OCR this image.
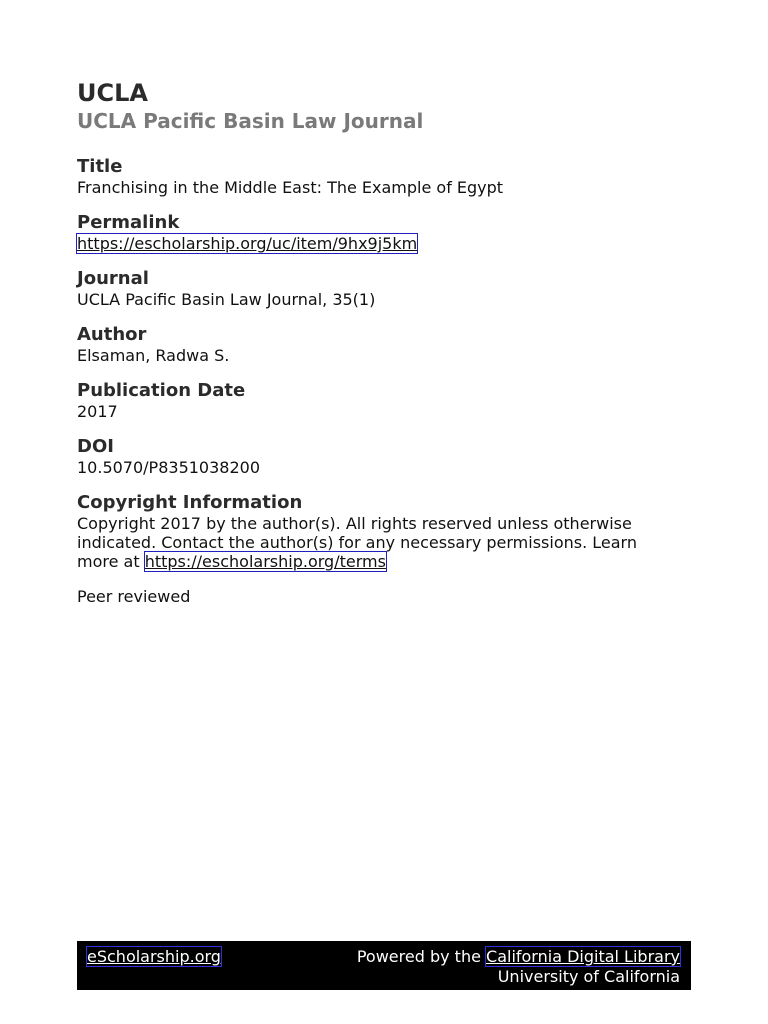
UCLA
UCLA Pacific Basin Law Journal
Title
Franchising in the Middle East: The Example of Egypt
Permalink
https://escholarship.org/uc/item/9hx9j5km
Journal
UCLA Pacific Basin Law Journal, 35(1)
Author
Elsaman, Radwa S.
Publication Date
2017
DOI
10.5070/P8351038200
Copyright Information
Copyright 2017 by the author(s). All rights reserved unless otherwise indicated. Contact the author(s) for any necessary permissions. Learn more at https://escholarship.org/terms
Peer reviewed
eScholarship.org	Powered by the California Digital Library
University of California
